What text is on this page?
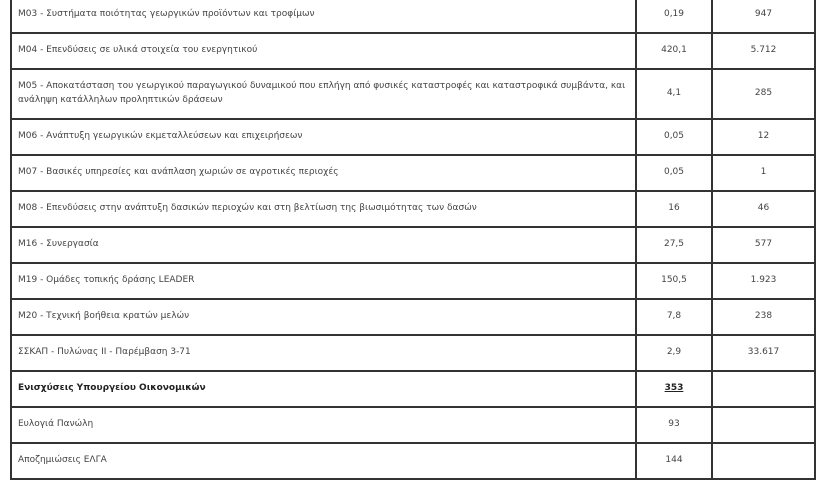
M03 - Συστήματα ποιότητας γεωργικών προϊόντων και τροφίμων	0,19	947
M04 - Επενδύσεις σε υλικά στοιχεία του ενεργητικού	420,1	5.712
M05 - Αποκατάσταση του γεωργικού παραγωγικού δυναμικού που επλήγη από φυσικές καταστροφές και καταστροφικά συμβάντα, και ανάληψη κατάλληλων προληπτικών δράσεων	4,1	285
M06 - Ανάπτυξη γεωργικών εκμεταλλεύσεων και επιχειρήσεων	0,05	12
M07 - Βασικές υπηρεσίες και ανάπλαση χωριών σε αγροτικές περιοχές	0,05	1
M08 - Επενδύσεις στην ανάπτυξη δασικών περιοχών και στη βελτίωση της βιωσιμότητας των δασών	16	46
M16 - Συνεργασία	27,5	577
M19 - Ομάδες τοπικής δράσης LEADER	150,5	1.923
M20 - Τεχνική βοήθεια κρατών μελών	7,8	238
ΣΣΚΑΠ - Πυλώνας ΙΙ - Παρέμβαση 3-71	2,9	33.617
Ενισχύσεις Υπουργείου Οικονομικών	353	
Ευλογιά Πανώλη	93	
Αποζημιώσεις ΕΛΓΑ	144	
